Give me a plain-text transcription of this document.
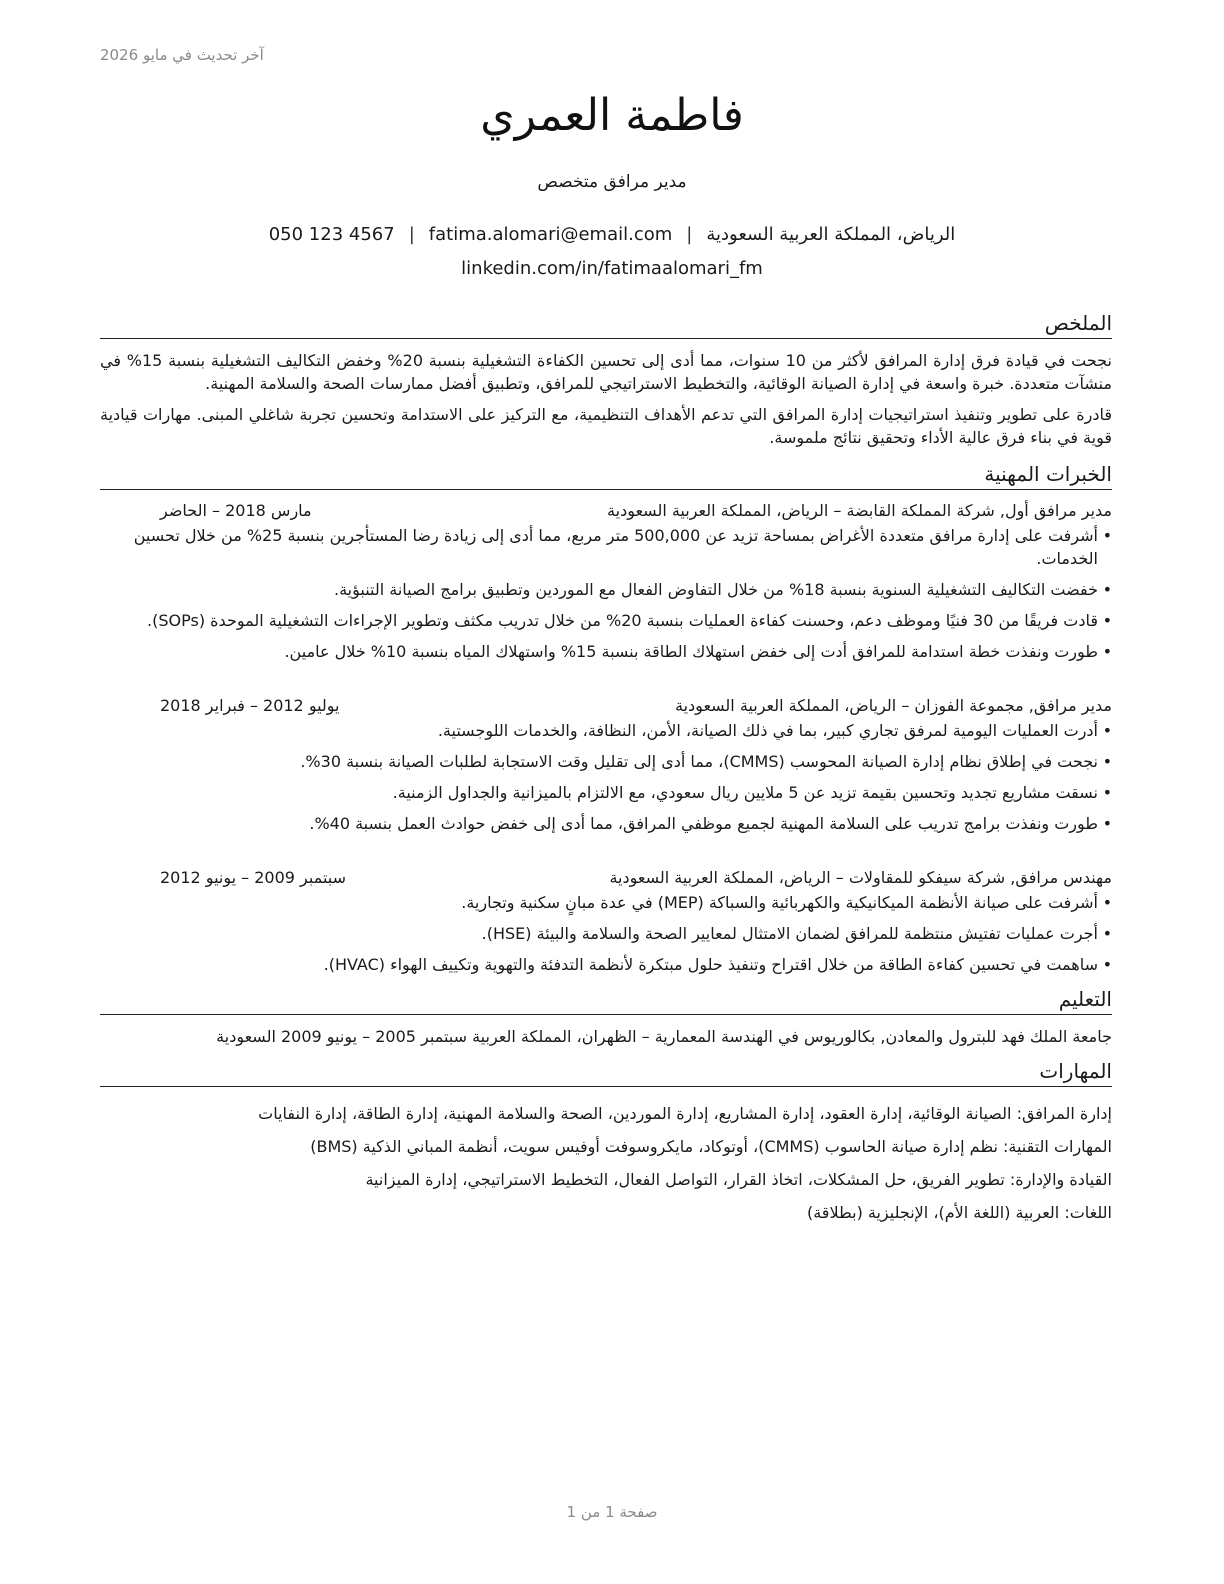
آخر تحديث في مايو 2026
فاطمة العمري
مدير مرافق متخصص
050 123 4567 | fatima.alomari@email.com | الرياض، المملكة العربية السعودية
linkedin.com/in/fatimaalomari_fm
الملخص

نجحت في قيادة فرق إدارة المرافق لأكثر من 10 سنوات، مما أدى إلى تحسين الكفاءة التشغيلية بنسبة 20% وخفض التكاليف التشغيلية بنسبة 15% في منشآت متعددة. خبرة واسعة في إدارة الصيانة الوقائية، والتخطيط الاستراتيجي للمرافق، وتطبيق أفضل ممارسات الصحة والسلامة المهنية.

قادرة على تطوير وتنفيذ استراتيجيات إدارة المرافق التي تدعم الأهداف التنظيمية، مع التركيز على الاستدامة وتحسين تجربة شاغلي المبنى. مهارات قيادية قوية في بناء فرق عالية الأداء وتحقيق نتائج ملموسة.

الخبرات المهنية
مدير مرافق أول, شركة المملكة القابضة – الرياض، المملكة العربية السعودية
مارس 2018 – الحاضر
• أشرفت على إدارة مرافق متعددة الأغراض بمساحة تزيد عن 500,000 متر مربع، مما أدى إلى زيادة رضا المستأجرين بنسبة 25% من خلال تحسين الخدمات.
• خفضت التكاليف التشغيلية السنوية بنسبة 18% من خلال التفاوض الفعال مع الموردين وتطبيق برامج الصيانة التنبؤية.
• قادت فريقًا من 30 فنيًا وموظف دعم، وحسنت كفاءة العمليات بنسبة 20% من خلال تدريب مكثف وتطوير الإجراءات التشغيلية الموحدة (SOPs).
• طورت ونفذت خطة استدامة للمرافق أدت إلى خفض استهلاك الطاقة بنسبة 15% واستهلاك المياه بنسبة 10% خلال عامين.
مدير مرافق, مجموعة الفوزان – الرياض، المملكة العربية السعودية
يوليو 2012 – فبراير 2018
• أدرت العمليات اليومية لمرفق تجاري كبير، بما في ذلك الصيانة، الأمن، النظافة، والخدمات اللوجستية.
• نجحت في إطلاق نظام إدارة الصيانة المحوسب (CMMS)، مما أدى إلى تقليل وقت الاستجابة لطلبات الصيانة بنسبة 30%.
• نسقت مشاريع تجديد وتحسين بقيمة تزيد عن 5 ملايين ريال سعودي، مع الالتزام بالميزانية والجداول الزمنية.
• طورت ونفذت برامج تدريب على السلامة المهنية لجميع موظفي المرافق، مما أدى إلى خفض حوادث العمل بنسبة 40%.
مهندس مرافق, شركة سيفكو للمقاولات – الرياض، المملكة العربية السعودية
سبتمبر 2009 – يونيو 2012
• أشرفت على صيانة الأنظمة الميكانيكية والكهربائية والسباكة (MEP) في عدة مبانٍ سكنية وتجارية.
• أجرت عمليات تفتيش منتظمة للمرافق لضمان الامتثال لمعايير الصحة والسلامة والبيئة (HSE).
• ساهمت في تحسين كفاءة الطاقة من خلال اقتراح وتنفيذ حلول مبتكرة لأنظمة التدفئة والتهوية وتكييف الهواء (HVAC).
التعليم
جامعة الملك فهد للبترول والمعادن, بكالوريوس في الهندسة المعمارية – الظهران، المملكة العربية سبتمبر 2005 – يونيو 2009 السعودية
المهارات
إدارة المرافق: الصيانة الوقائية، إدارة العقود، إدارة المشاريع، إدارة الموردين، الصحة والسلامة المهنية، إدارة الطاقة، إدارة النفايات
المهارات التقنية: نظم إدارة صيانة الحاسوب (CMMS)، أوتوكاد، مايكروسوفت أوفيس سويت، أنظمة المباني الذكية (BMS)
القيادة والإدارة: تطوير الفريق، حل المشكلات، اتخاذ القرار، التواصل الفعال، التخطيط الاستراتيجي، إدارة الميزانية
اللغات: العربية (اللغة الأم)، الإنجليزية (بطلاقة)
صفحة 1 من 1
